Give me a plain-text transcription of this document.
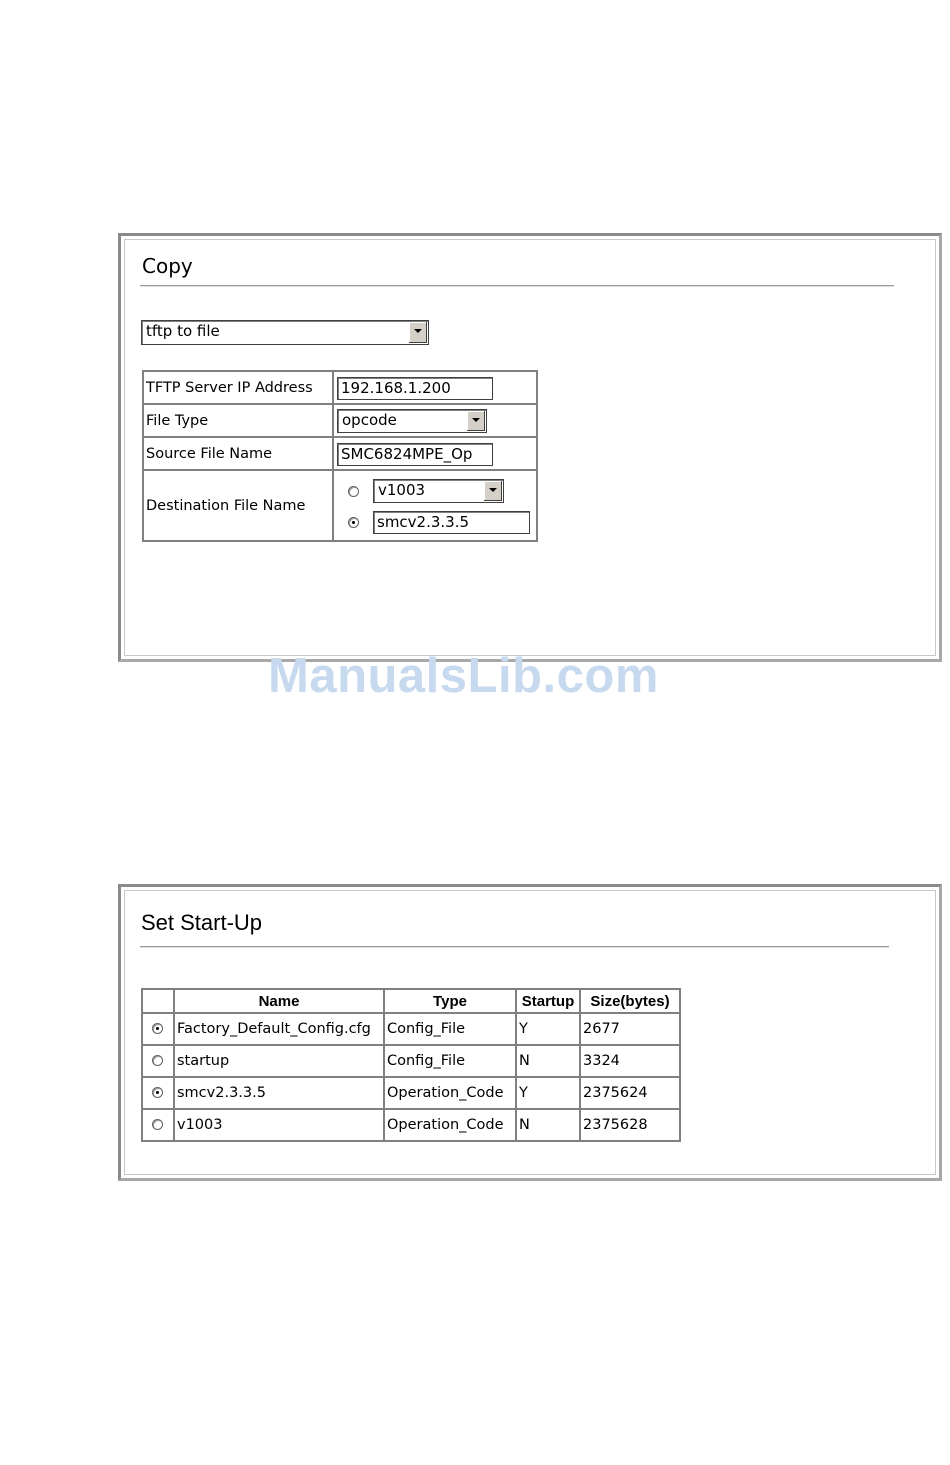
Copy
tftp to file
TFTP Server IP Address	192.168.1.200

File Type	opcode

Source File Name	SMC6824MPE_Op

Destination File Name	v1003
smcv2.3.3.5
ManualsLib.com
Set Start-Up
	Name	Type	Startup	Size(bytes)

	Factory_Default_Config.cfg	Config_File	Y	2677

	startup	Config_File	N	3324

	smcv2.3.3.5	Operation_Code	Y	2375624

	v1003	Operation_Code	N	2375628
